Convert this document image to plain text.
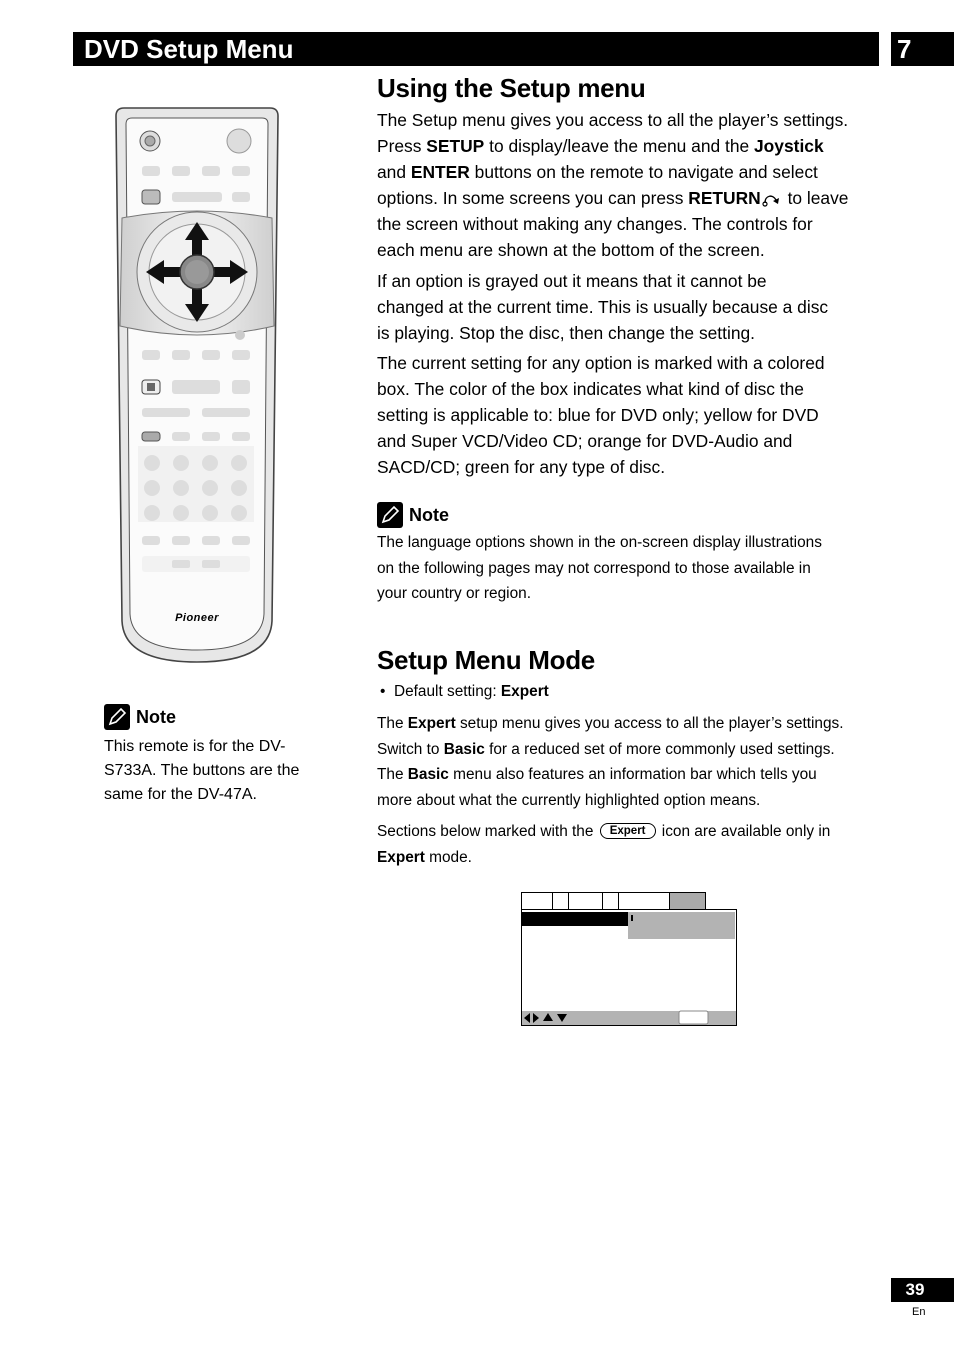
DVD Setup Menu	7
Pioneer
Note
This remote is for the DV-
S733A. The buttons are the
same for the DV-47A.
Using the Setup menu
The Setup menu gives you access to all the player’s settings.
Press SETUP to display/leave the menu and the Joystick
and ENTER buttons on the remote to navigate and select
options. In some screens you can press RETURN to leave
the screen without making any changes. The controls for
each menu are shown at the bottom of the screen.
If an option is grayed out it means that it cannot be
changed at the current time. This is usually because a disc
is playing. Stop the disc, then change the setting.
The current setting for any option is marked with a colored
box. The color of the box indicates what kind of disc the
setting is applicable to: blue for DVD only; yellow for DVD
and Super VCD/Video CD; orange for DVD-Audio and
SACD/CD; green for any type of disc.
Note
The language options shown in the on-screen display illustrations
on the following pages may not correspond to those available in
your country or region.
Setup Menu Mode
•  Default setting: Expert
The Expert setup menu gives you access to all the player’s settings.
Switch to Basic for a reduced set of more commonly used settings.
The Basic menu also features an information bar which tells you
more about what the currently highlighted option means.
Sections below marked with the Expert icon are available only in
Expert mode.
39
En
